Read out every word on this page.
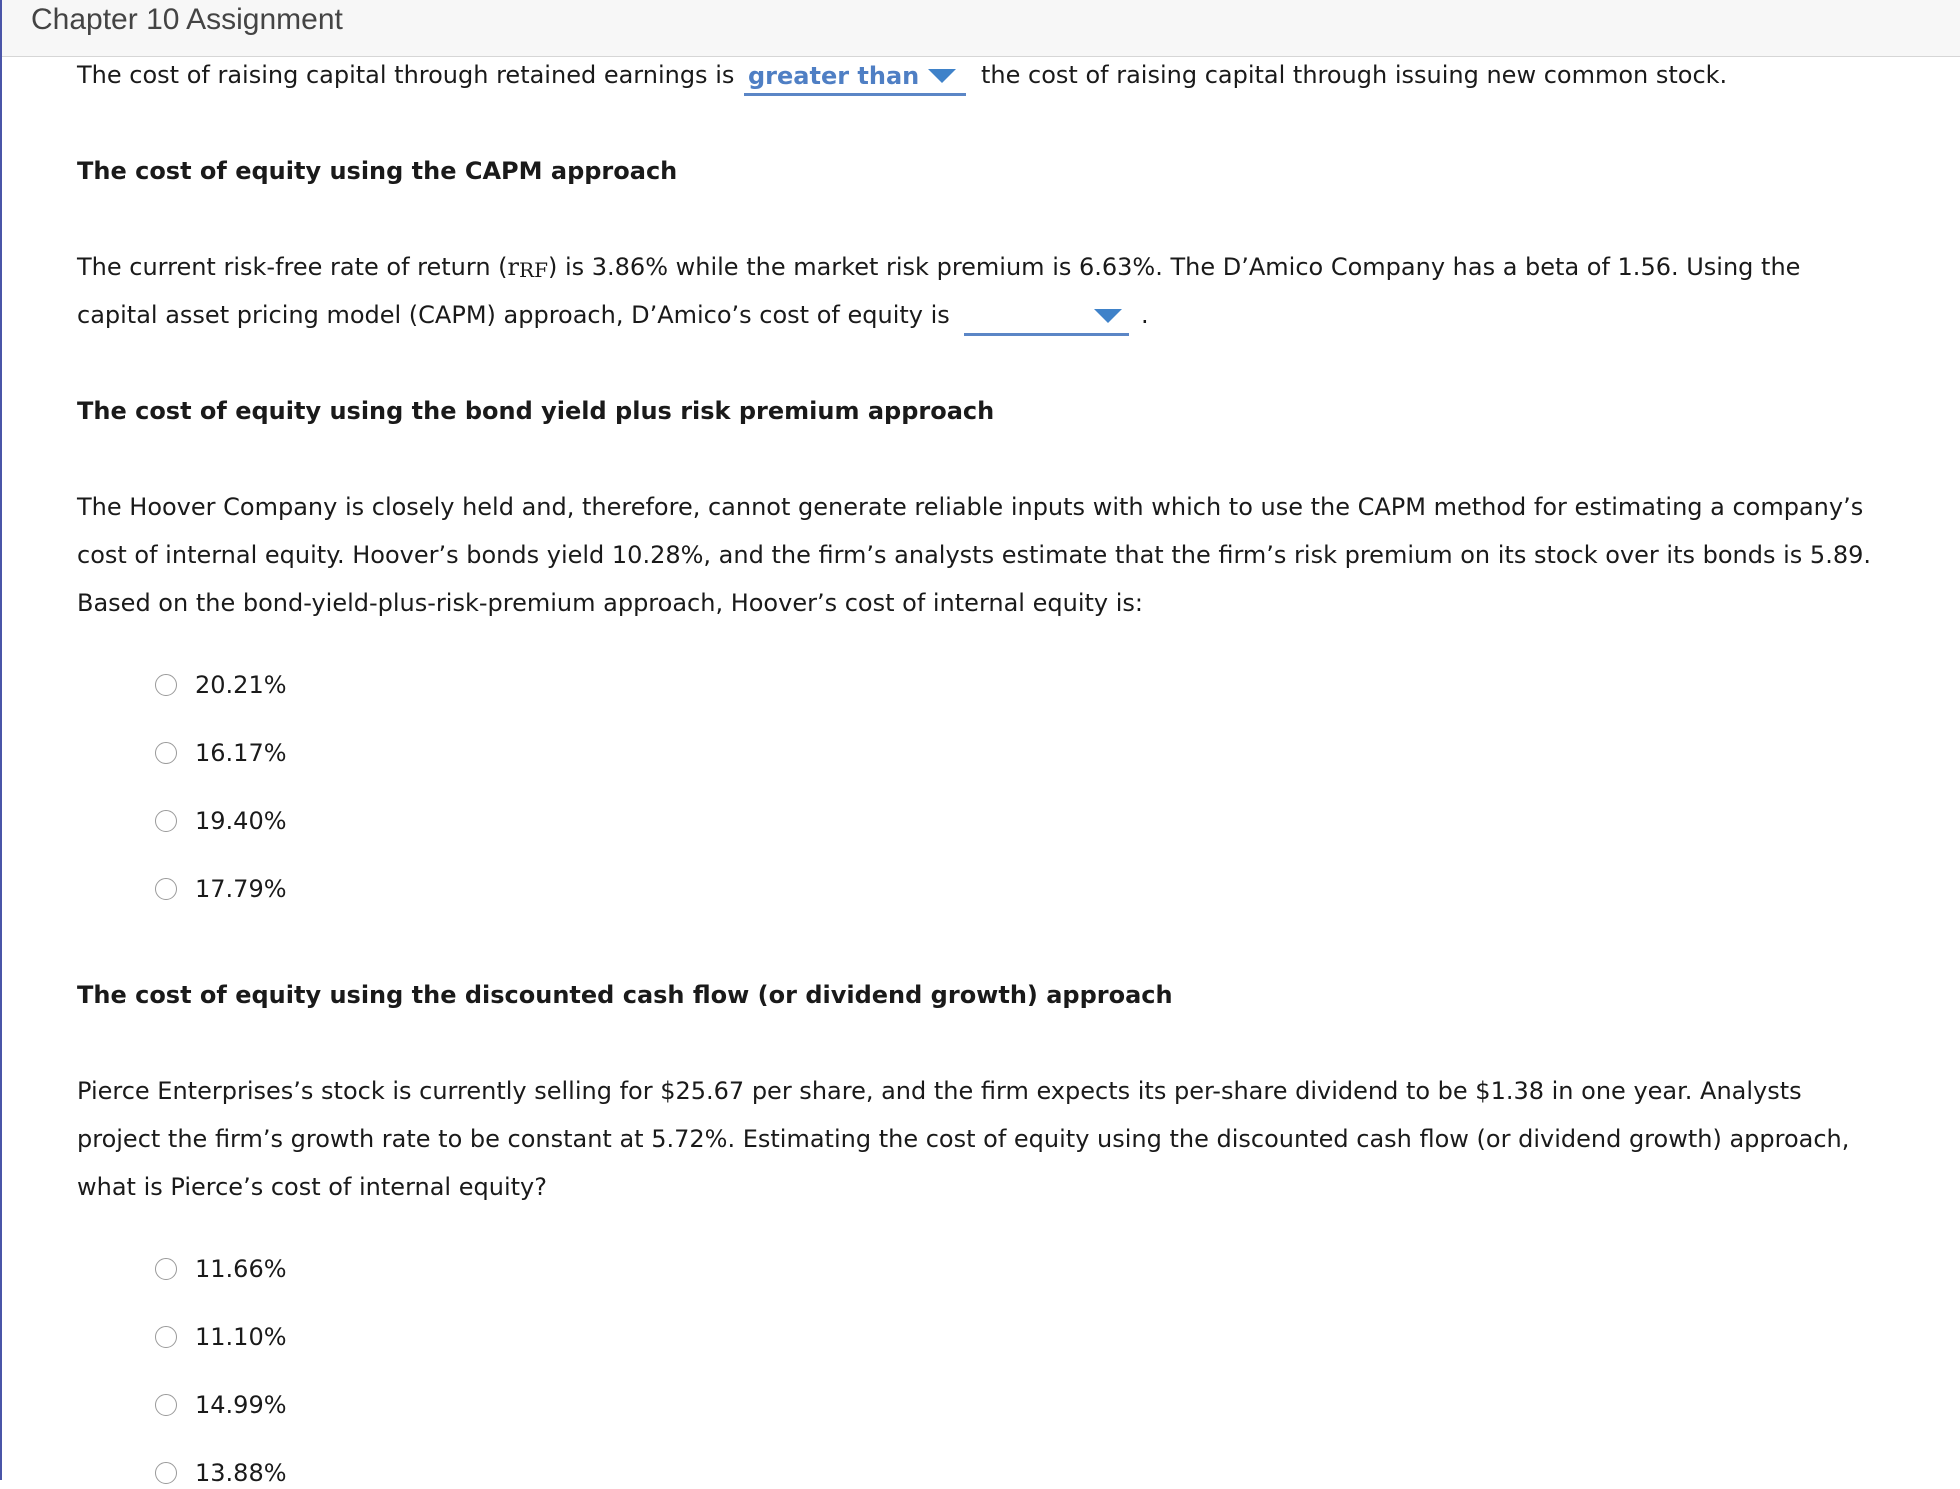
Chapter 10 Assignment
The cost of raising capital through retained earnings is greater than	the cost of raising capital through issuing new common stock.
The cost of equity using the CAPM approach
The current risk-free rate of return $(r_{RF})$ is 3.86% while the market risk premium is 6.63%. The D’Amico Company has a beta of 1.56. Using the
capital asset pricing model (CAPM) approach, D’Amico’s cost of equity is	.
The cost of equity using the bond yield plus risk premium approach
The Hoover Company is closely held and, therefore, cannot generate reliable inputs with which to use the CAPM method for estimating a company’s
cost of internal equity. Hoover’s bonds yield 10.28%, and the firm’s analysts estimate that the firm’s risk premium on its stock over its bonds is 5.89.
Based on the bond-yield-plus-risk-premium approach, Hoover’s cost of internal equity is:
20.21%
16.17%
19.40%
17.79%
The cost of equity using the discounted cash flow (or dividend growth) approach
Pierce Enterprises’s stock is currently selling for $25.67 per share, and the firm expects its per-share dividend to be $1.38 in one year. Analysts
project the firm’s growth rate to be constant at 5.72%. Estimating the cost of equity using the discounted cash flow (or dividend growth) approach,
what is Pierce’s cost of internal equity?
11.66%
11.10%
14.99%
13.88%
